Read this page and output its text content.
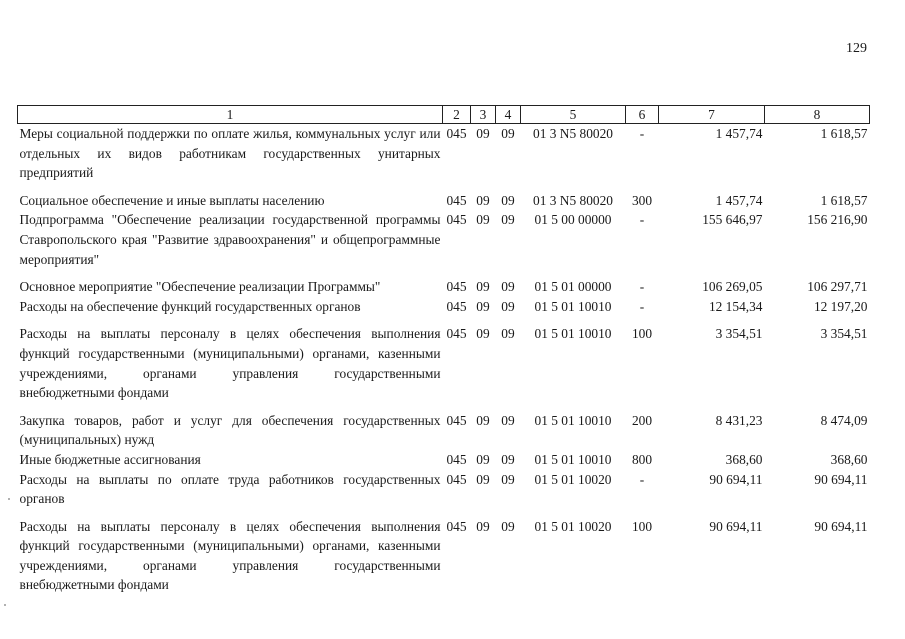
129
1	2	3	4	5	6	7	8
Меры социальной поддержки по оплате жилья, коммунальных услуг или отдельных их видов работникам государственных унитарных предприятий	045	09	09	01 3 N5 80020	-	1 457,74	1 618,57
Социальное обеспечение и иные выплаты населению	045	09	09	01 3 N5 80020	300	1 457,74	1 618,57
Подпрограмма "Обеспечение реализации государственной программы Ставропольского края "Развитие здравоохранения" и общепрограммные мероприятия"	045	09	09	01 5 00 00000	-	155 646,97	156 216,90
Основное мероприятие "Обеспечение реализации Программы"	045	09	09	01 5 01 00000	-	106 269,05	106 297,71
Расходы на обеспечение функций государственных органов	045	09	09	01 5 01 10010	-	12 154,34	12 197,20
Расходы на выплаты персоналу в целях обеспечения выполнения функций государственными (муниципальными) органами, казенными учреждениями, органами управления государственными внебюджетными фондами	045	09	09	01 5 01 10010	100	3 354,51	3 354,51
Закупка товаров, работ и услуг для обеспечения государственных (муниципальных) нужд	045	09	09	01 5 01 10010	200	8 431,23	8 474,09
Иные бюджетные ассигнования	045	09	09	01 5 01 10010	800	368,60	368,60
Расходы на выплаты по оплате труда работников государственных органов	045	09	09	01 5 01 10020	-	90 694,11	90 694,11
Расходы на выплаты персоналу в целях обеспечения выполнения функций государственными (муниципальными) органами, казенными учреждениями, органами управления государственными внебюджетными фондами	045	09	09	01 5 01 10020	100	90 694,11	90 694,11
